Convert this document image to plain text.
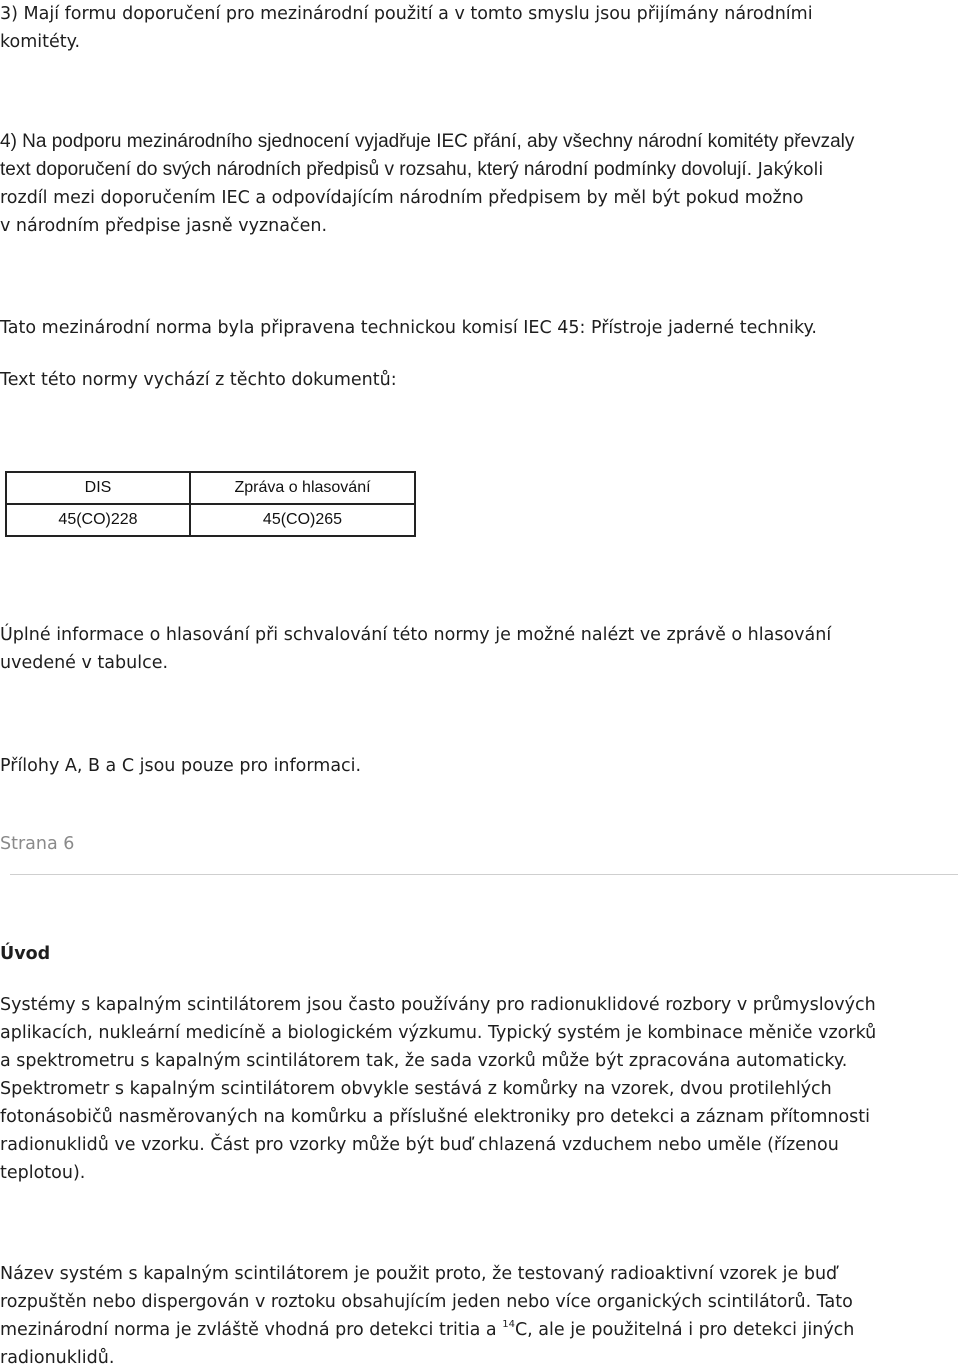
3) Mají formu doporučení pro mezinárodní použití a v tomto smyslu jsou přijímány národními
komitéty.
4) Na podporu mezinárodního sjednocení vyjadřuje IEC přání, aby všechny národní komitéty převzaly
text doporučení do svých národních předpisů v rozsahu, který národní podmínky dovolují. Jakýkoli
rozdíl mezi doporučením IEC a odpovídajícím národním předpisem by měl být pokud možno
v národním předpise jasně vyznačen.

Tato mezinárodní norma byla připravena technickou komisí IEC 45: Přístroje jaderné techniky.

Text této normy vychází z těchto dokumentů:

DIS	Zpráva o hlasování
45(CO)228	45(CO)265
Úplné informace o hlasování při schvalování této normy je možné nalézt ve zprávě o hlasování
uvedené v tabulce.

Přílohy A, B a C jsou pouze pro informaci.

Strana 6

Úvod

Systémy s kapalným scintilátorem jsou často používány pro radionuklidové rozbory v průmyslových
aplikacích, nukleární medicíně a biologickém výzkumu. Typický systém je kombinace měniče vzorků
a spektrometru s kapalným scintilátorem tak, že sada vzorků může být zpracována automaticky.
Spektrometr s kapalným scintilátorem obvykle sestává z komůrky na vzorek, dvou protilehlých
fotonásobičů nasměrovaných na komůrku a příslušné elektroniky pro detekci a záznam přítomnosti
radionuklidů ve vzorku. Část pro vzorky může být buď chlazená vzduchem nebo uměle (řízenou
teplotou).
Název systém s kapalným scintilátorem je použit proto, že testovaný radioaktivní vzorek je buď
rozpuštěn nebo dispergován v roztoku obsahujícím jeden nebo více organických scintilátorů. Tato
mezinárodní norma je zvláště vhodná pro detekci tritia a $^{14}$C, ale je použitelná i pro detekci jiných
radionuklidů.
